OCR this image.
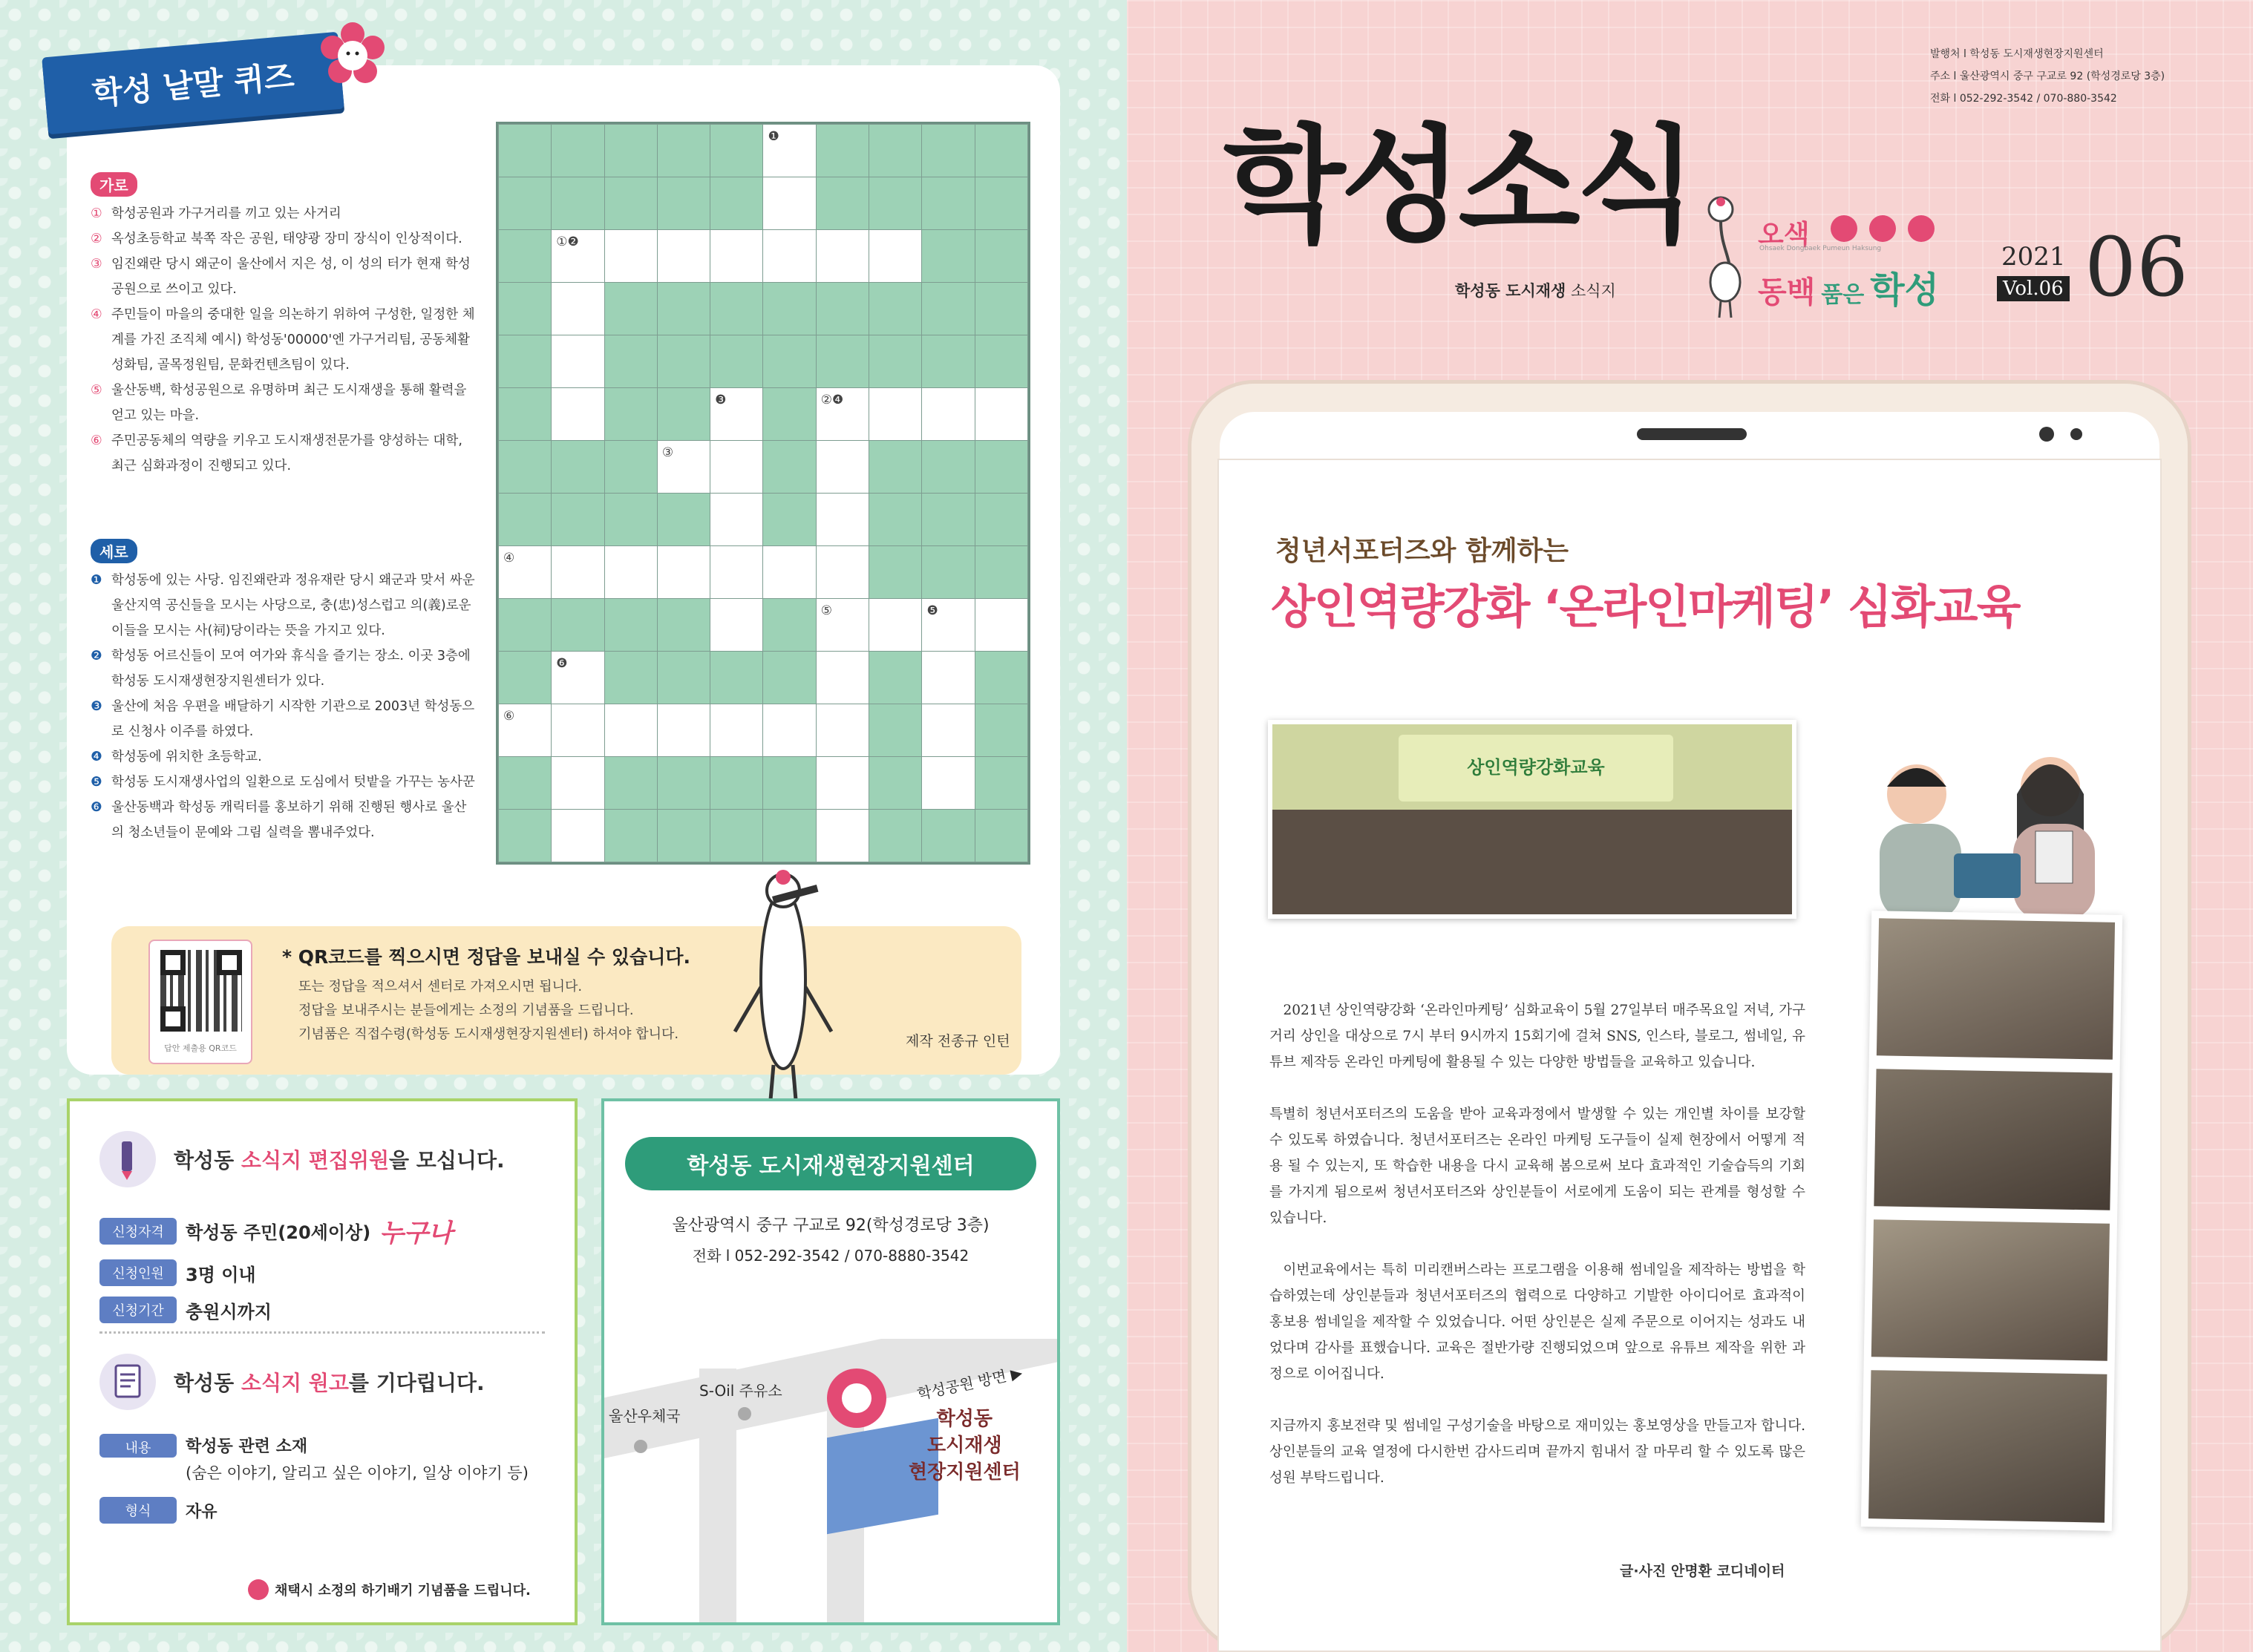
학성 낱말 퀴즈
가로
① 학성공원과 가구거리를 끼고 있는 사거리
② 옥성초등학교 북쪽 작은 공원, 태양광 장미 장식이 인상적이다.
③ 임진왜란 당시 왜군이 울산에서 지은 성, 이 성의 터가 현재 학성공원으로 쓰이고 있다.
④ 주민들이 마을의 중대한 일을 의논하기 위하여 구성한, 일정한 체계를 가진 조직체 예시) 학성동'00000'엔 가구거리팀, 공동체활성화팀, 골목정원팀, 문화컨텐츠팀이 있다.
⑤ 울산동백, 학성공원으로 유명하며 최근 도시재생을 통해 활력을 얻고 있는 마을.
⑥ 주민공동체의 역량을 키우고 도시재생전문가를 양성하는 대학, 최근 심화과정이 진행되고 있다.
세로
❶ 학성동에 있는 사당. 임진왜란과 정유재란 당시 왜군과 맞서 싸운 울산지역 공신들을 모시는 사당으로, 충(忠)성스럽고 의(義)로운 이들을 모시는 사(祠)당이라는 뜻을 가지고 있다.
❷ 학성동 어르신들이 모여 여가와 휴식을 즐기는 장소. 이곳 3층에 학성동 도시재생현장지원센터가 있다.
❸ 울산에 처음 우편을 배달하기 시작한 기관으로 2003년 학성동으로 신청사 이주를 하였다.
❹ 학성동에 위치한 초등학교.
❺ 학성동 도시재생사업의 일환으로 도심에서 텃밭을 가꾸는 농사꾼
❻ 울산동백과 학성동 캐릭터를 홍보하기 위해 진행된 행사로 울산의 청소년들이 문예와 그림 실력을 뽐내주었다.

					❶				

	①❷								

				❸		②❹			

			③						

④									

						⑤		❺	

	❻								

⑥									

답안 제출용 QR코드
* QR코드를 찍으시면 정답을 보내실 수 있습니다.
또는 정답을 적으셔서 센터로 가져오시면 됩니다.
정답을 보내주시는 분들에게는 소정의 기념품을 드립니다.
기념품은 직접수령(학성동 도시재생현장지원센터) 하셔야 합니다.	제작 전종규 인턴
학성동 소식지 편집위원을 모십니다.
신청자격	학성동 주민(20세이상) 누구나
신청인원	3명 이내
신청기간	충원시까지
학성동 소식지 원고를 기다립니다.
내용	학성동 관련 소재
(숨은 이야기, 알리고 싶은 이야기, 일상 이야기 등)
형식	자유
채택시 소정의 하기배기 기념품을 드립니다.
학성동 도시재생현장지원센터
울산광역시 중구 구교로 92(학성경로당 3층)
전화 l 052-292-3542 / 070-8880-3542
울산우체국
S-Oil 주유소	학성공원 방면 ▶
학성동
도시재생
현장지원센터
발행처 l 학성동 도시재생현장지원센터
주소 l 울산광역시 중구 구교로 92 (학성경로당 3층)
전화 l 052-292-3542 / 070-880-3542
학성소식
학성동 도시재생 소식지
오색
Ohsaek Dongbaek Pumeun Haksung
동백 품은 학성
2021
Vol.06 06
청년서포터즈와 함께하는
상인역량강화 ‘온라인마케팅’ 심화교육
상인역량강화교육

2021년 상인역량강화 ‘온라인마케팅’ 심화교육이 5월 27일부터 매주목요일 저녁, 가구거리 상인을 대상으로 7시 부터 9시까지 15회기에 걸쳐 SNS, 인스타, 블로그, 썸네일, 유튜브 제작등 온라인 마케팅에 활용될 수 있는 다양한 방법들을 교육하고 있습니다.

특별히 청년서포터즈의 도움을 받아 교육과정에서 발생할 수 있는 개인별 차이를 보강할 수 있도록 하였습니다. 청년서포터즈는 온라인 마케팅 도구들이 실제 현장에서 어떻게 적용 될 수 있는지, 또 학습한 내용을 다시 교육해 봄으로써 보다 효과적인 기술습득의 기회를 가지게 됨으로써 청년서포터즈와 상인분들이 서로에게 도움이 되는 관계를 형성할 수 있습니다.

이번교육에서는 특히 미리캔버스라는 프로그램을 이용해 썸네일을 제작하는 방법을 학습하였는데 상인분들과 청년서포터즈의 협력으로 다양하고 기발한 아이디어로 효과적이 홍보용 썸네일을 제작할 수 있었습니다. 어떤 상인분은 실제 주문으로 이어지는 성과도 내었다며 감사를 표했습니다. 교육은 절반가량 진행되었으며 앞으로 유튜브 제작을 위한 과정으로 이어집니다.

지금까지 홍보전략 및 썸네일 구성기술을 바탕으로 재미있는 홍보영상을 만들고자 합니다. 상인분들의 교육 열정에 다시한번 감사드리며 끝까지 힘내서 잘 마무리 할 수 있도록 많은 성원 부탁드립니다.

글·사진 안명환 코디네이터
